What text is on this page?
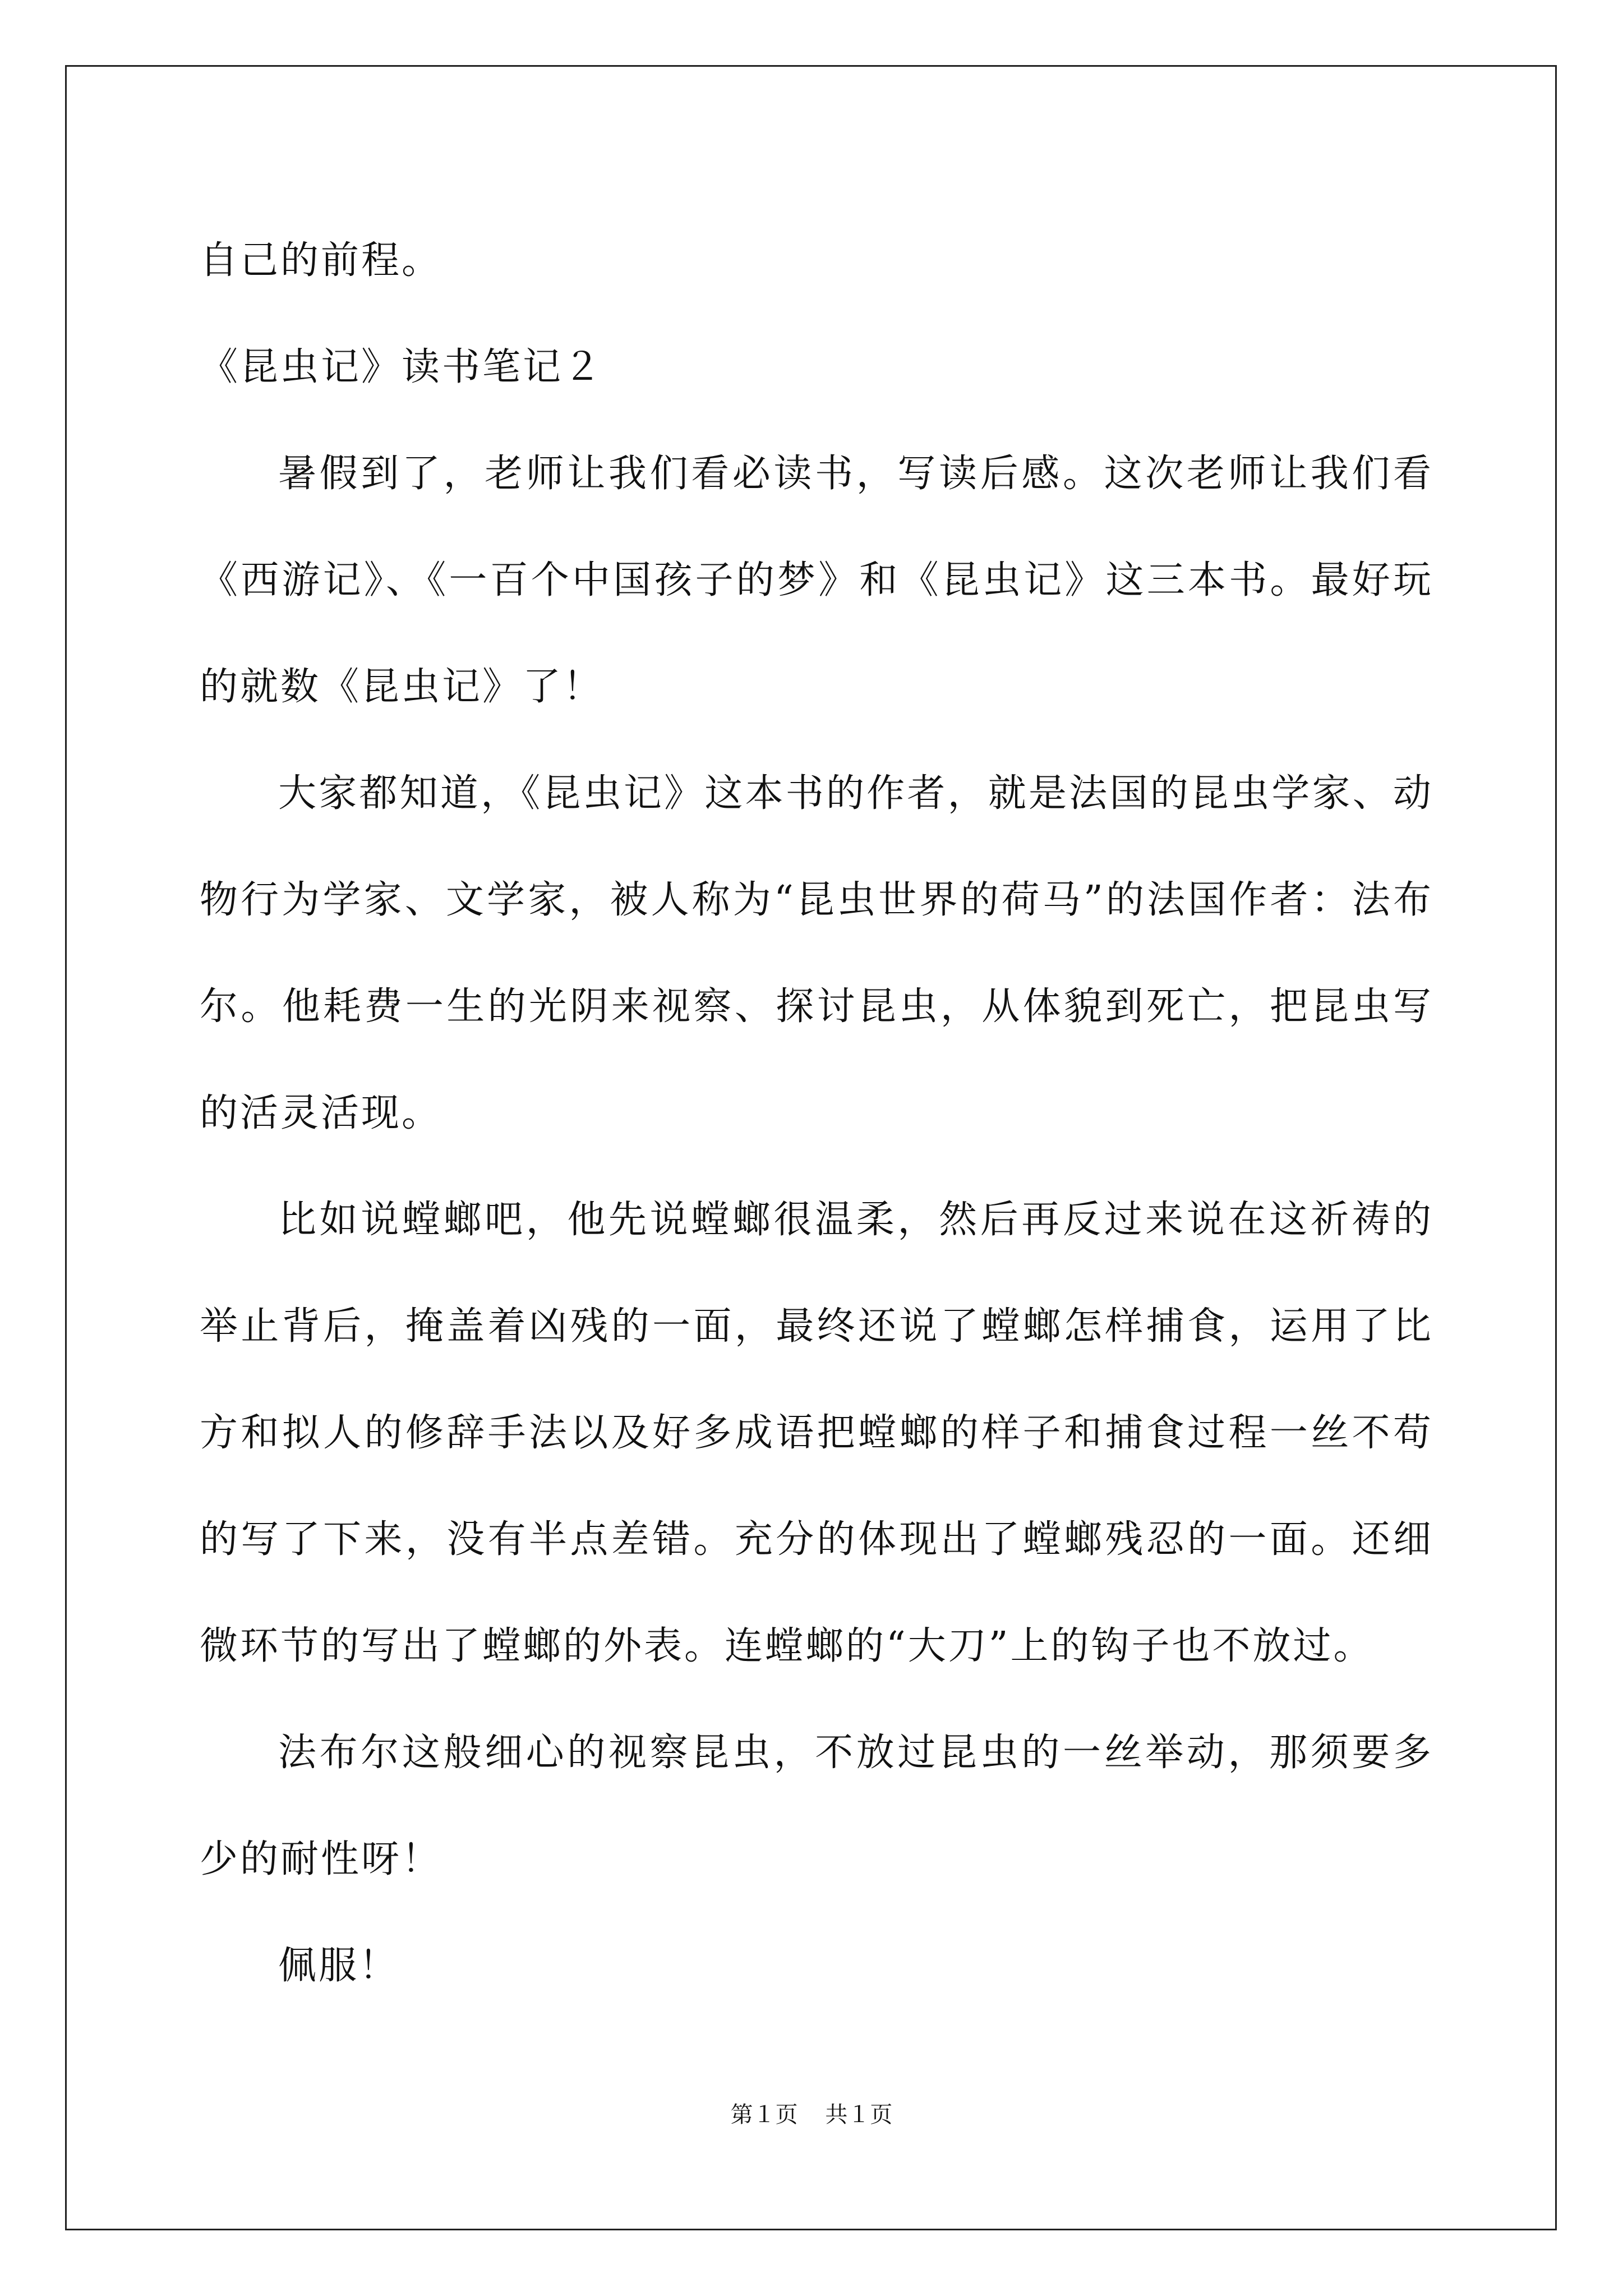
自己的前程。

《昆虫记》读书笔记２

暑假到了，老师让我们看必读书，写读后感。这次老师让我们看《西游记》、《一百个中国孩子的梦》和《昆虫记》这三本书。最好玩的就数《昆虫记》了！

大家都知道，《昆虫记》这本书的作者，就是法国的昆虫学家、动物行为学家、文学家，被人称为“昆虫世界的荷马”的法国作者：法布尔。他耗费一生的光阴来视察、探讨昆虫，从体貌到死亡，把昆虫写的活灵活现。

比如说螳螂吧，他先说螳螂很温柔，然后再反过来说在这祈祷的举止背后，掩盖着凶残的一面，最终还说了螳螂怎样捕食，运用了比方和拟人的修辞手法以及好多成语把螳螂的样子和捕食过程一丝不苟的写了下来，没有半点差错。充分的体现出了螳螂残忍的一面。还细微环节的写出了螳螂的外表。连螳螂的“大刀”上的钩子也不放过。

法布尔这般细心的视察昆虫，不放过昆虫的一丝举动，那须要多少的耐性呀！

佩服！

第１页 共１页
